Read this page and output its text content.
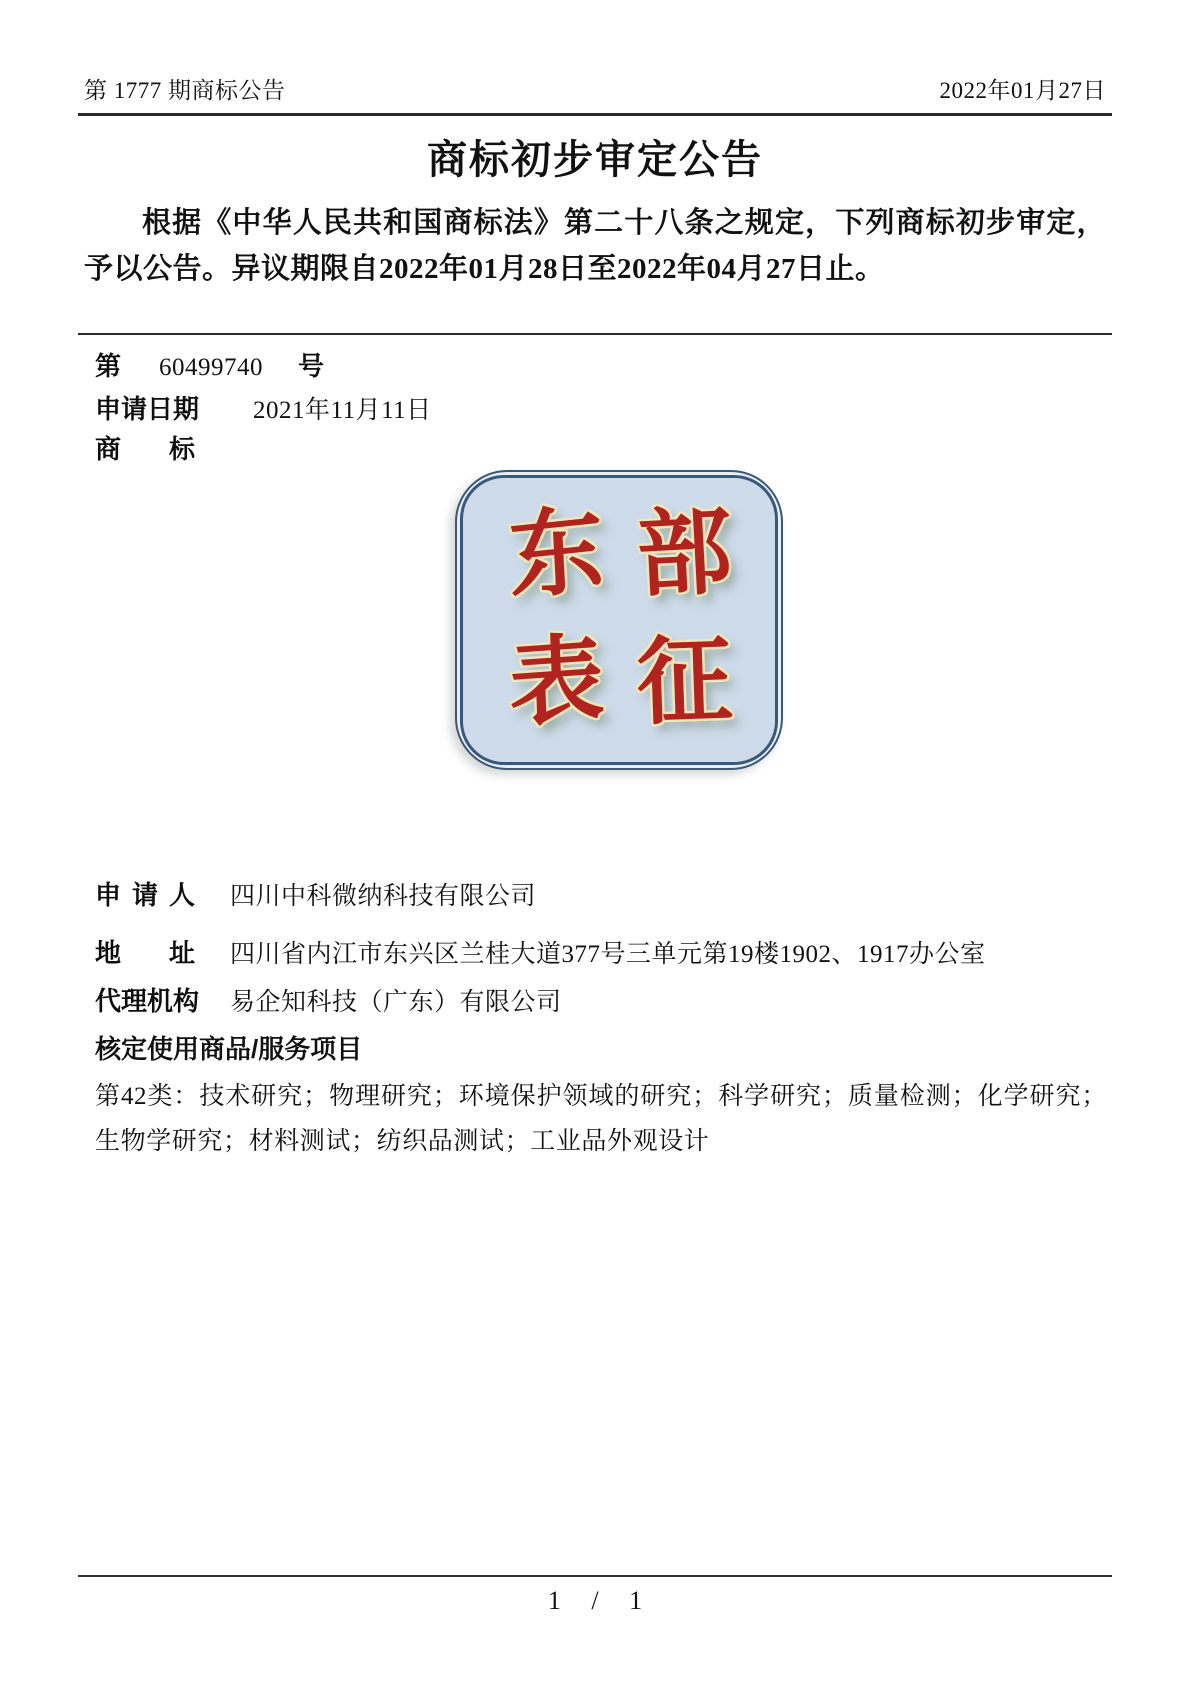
第 1777 期商标公告	2022年01月27日
商标初步审定公告

根据《中华人民共和国商标法》第二十八条之规定，下列商标初步审定，予以公告。异议期限自2022年01月28日至2022年04月27日止。

第 60499740 号
申请日期 2021年11月11日
商标
东 部
表 征
申请人 四川中科微纳科技有限公司
地址 四川省内江市东兴区兰桂大道377号三单元第19楼1902、1917办公室
代理机构 易企知科技（广东）有限公司
核定使用商品/服务项目

第42类：技术研究；物理研究；环境保护领域的研究；科学研究；质量检测；化学研究；生物学研究；材料测试；纺织品测试；工业品外观设计

1 / 1
